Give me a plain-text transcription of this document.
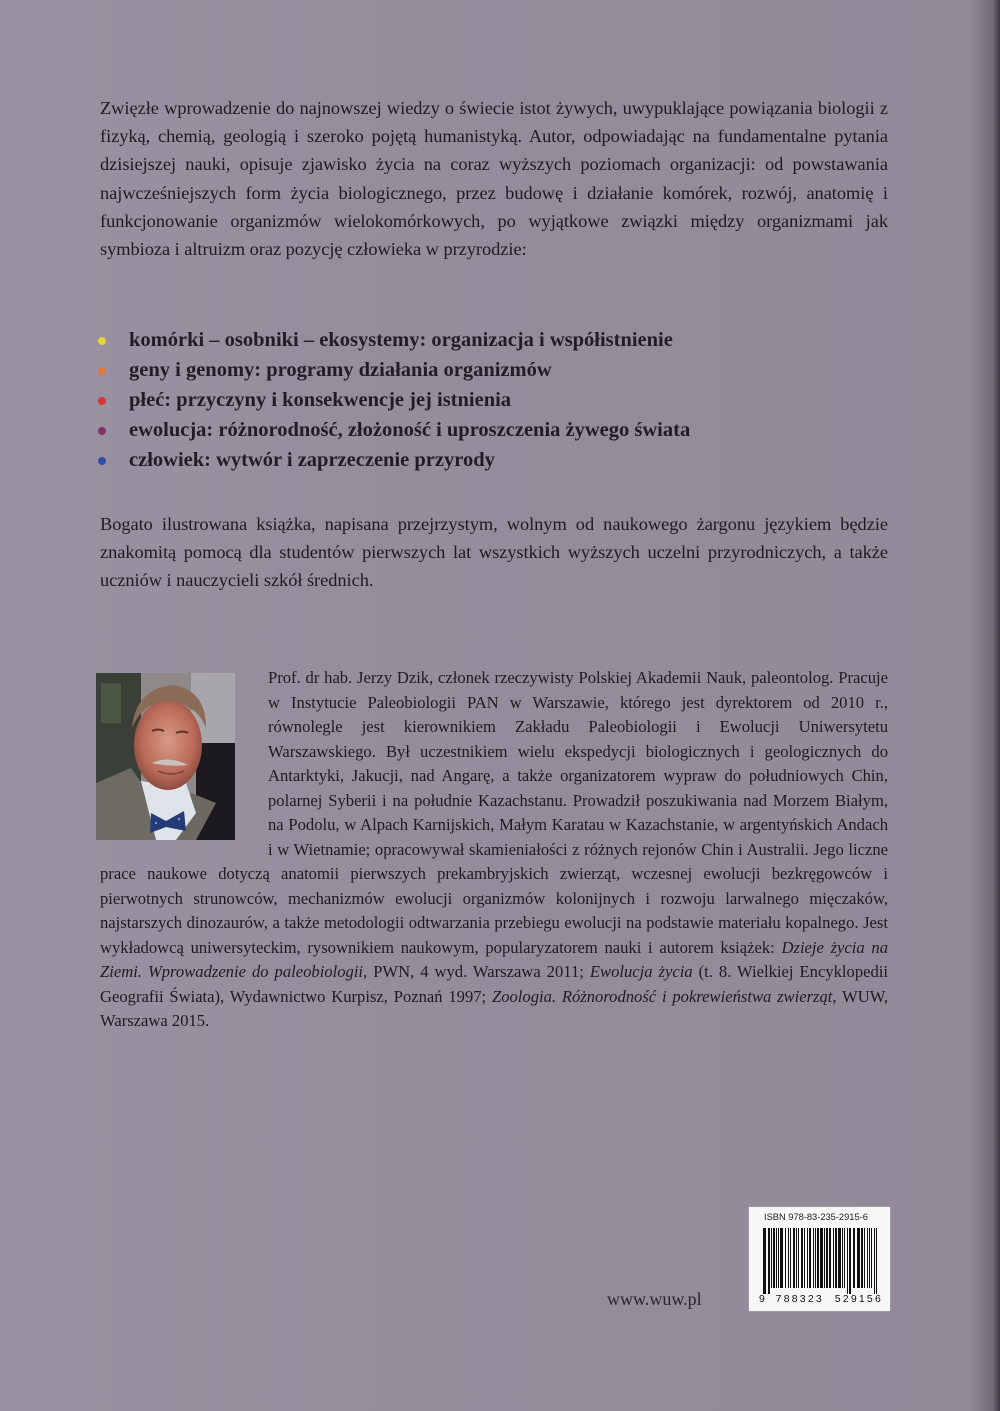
Zwięzłe wprowadzenie do najnowszej wiedzy o świecie istot żywych, uwypuklające powiązania biologii z fizyką, chemią, geologią i szeroko pojętą humanistyką. Autor, odpowiadając na fundamentalne pytania dzisiejszej nauki, opisuje zjawisko życia na coraz wyższych poziomach organizacji: od powstawania najwcześniejszych form życia biologicznego, przez budowę i działanie komórek, rozwój, anatomię i funkcjonowanie organizmów wielokomórkowych, po wyjątkowe związki między organizmami jak symbioza i altruizm oraz pozycję człowieka w przyrodzie:

komórki – osobniki – ekosystemy: organizacja i współistnienie
geny i genomy: programy działania organizmów
płeć: przyczyny i konsekwencje jej istnienia
ewolucja: różnorodność, złożoność i uproszczenia żywego świata
człowiek: wytwór i zaprzeczenie przyrody

Bogato ilustrowana książka, napisana przejrzystym, wolnym od naukowego żargonu językiem będzie znakomitą pomocą dla studentów pierwszych lat wszystkich wyższych uczelni przyrodniczych, a także uczniów i nauczycieli szkół średnich.

Prof. dr hab. Jerzy Dzik, członek rzeczywisty Polskiej Akademii Nauk, paleontolog. Pracuje w Instytucie Paleobiologii PAN w Warszawie, którego jest dyrektorem od 2010 r., równolegle jest kierownikiem Zakładu Paleobiologii i Ewolucji Uniwersytetu Warszawskiego. Był uczestnikiem wielu ekspedycji biologicznych i geologicznych do Antarktyki, Jakucji, nad Angarę, a także organizatorem wypraw do południowych Chin, polarnej Syberii i na południe Kazachstanu. Prowadził poszukiwania nad Morzem Białym, na Podolu, w Alpach Karnijskich, Małym Karatau w Kazachstanie, w argentyńskich Andach i w Wietnamie; opracowywał skamieniałości z różnych rejonów Chin i Australii. Jego liczne prace naukowe dotyczą anatomii pierwszych prekambryjskich zwierząt, wczesnej ewolucji bezkręgowców i pierwotnych strunowców, mechanizmów ewolucji organizmów kolonijnych i rozwoju larwalnego mięczaków, najstarszych dinozaurów, a także metodologii odtwarzania przebiegu ewolucji na podstawie materiału kopalnego. Jest wykładowcą uniwersyteckim, rysownikiem naukowym, popularyzatorem nauki i autorem książek: Dzieje życia na Ziemi. Wprowadzenie do paleobiologii, PWN, 4 wyd. Warszawa 2011; Ewolucja życia (t. 8. Wielkiej Encyklopedii Geografii Świata), Wydawnictwo Kurpisz, Poznań 1997; Zoologia. Różnorodność i pokrewieństwa zwierząt, WUW, Warszawa 2015.

www.wuw.pl
ISBN 978-83-235-2915-6
9 788323 529156
